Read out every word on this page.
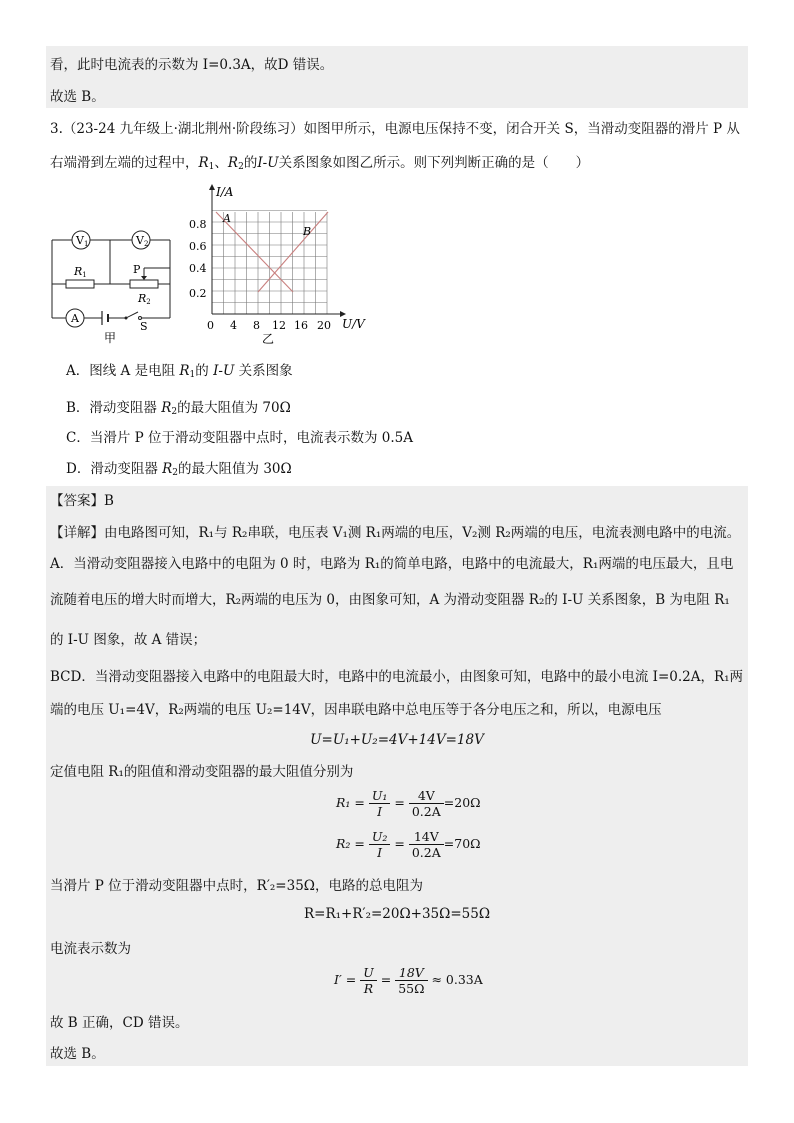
看，此时电流表的示数为 I=0.3A，故D 错误。
故选 B。
3.（23-24 九年级上·湖北荆州·阶段练习）如图甲所示，电源电压保持不变，闭合开关 S，当滑动变阻器的滑片 P 从
右端滑到左端的过程中，$R_1$、$R_2$的I-U关系图象如图乙所示。则下列判断正确的是（　　）
V1	V2
A
R1
R2
P
S
甲
I/A
U/V
0.8
0.6
0.4
0.2
0 4 8 12 16 20
A
B
乙
A．图线 A 是电阻 $R_1$的 I-U 关系图象
B．滑动变阻器 $R_2$的最大阻值为 70Ω
C．当滑片 P 位于滑动变阻器中点时，电流表示数为 0.5A
D．滑动变阻器 $R_2$的最大阻值为 30Ω
【答案】B
【详解】由电路图可知，R₁与 R₂串联，电压表 V₁测 R₁两端的电压，V₂测 R₂两端的电压，电流表测电路中的电流。
A．当滑动变阻器接入电路中的电阻为 0 时，电路为 R₁的简单电路，电路中的电流最大，R₁两端的电压最大，且电
流随着电压的增大时而增大，R₂两端的电压为 0，由图象可知，A 为滑动变阻器 R₂的 I-U 关系图象，B 为电阻 R₁
的 I-U 图象，故 A 错误；
BCD．当滑动变阻器接入电路中的电阻最大时，电路中的电流最小，由图象可知，电路中的最小电流 I=0.2A，R₁两
端的电压 U₁=4V，R₂两端的电压 U₂=14V，因串联电路中总电压等于各分电压之和，所以，电源电压
U=U₁+U₂=4V+14V=18V
定值电阻 R₁的阻值和滑动变阻器的最大阻值分别为
$R_1 = \frac{\text{U₁}}{I} = \frac{4V}{0.2A} =20\Omega$
$R_2 = \frac{\text{U₂}}{I} = \frac{14V}{0.2A} =70\Omega$
当滑片 P 位于滑动变阻器中点时，R′₂=35Ω，电路的总电阻为
R=R₁+R′₂=20Ω+35Ω=55Ω
电流表示数为
$I' = \frac{U}{R} = \frac{18V}{55\Omega} \approx 0.33A$
故 B 正确，CD 错误。
故选 B。
